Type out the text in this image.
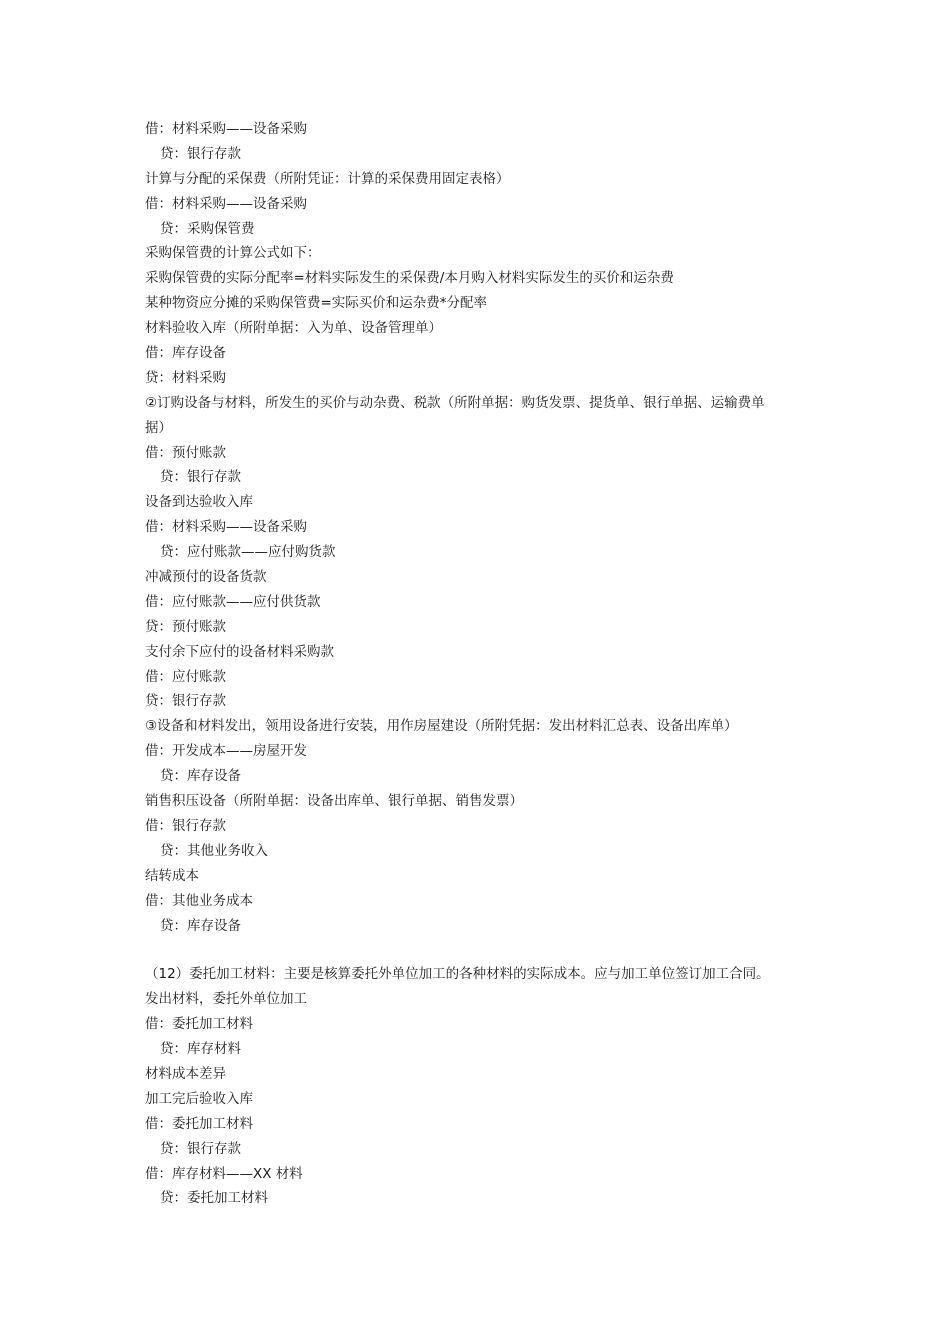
借：材料采购——设备采购
贷：银行存款
计算与分配的采保费（所附凭证：计算的采保费用固定表格）
借：材料采购——设备采购
贷：采购保管费
采购保管费的计算公式如下：
采购保管费的实际分配率=材料实际发生的采保费/本月购入材料实际发生的买价和运杂费
某种物资应分摊的采购保管费=实际买价和运杂费*分配率
材料验收入库（所附单据：入为单、设备管理单）
借：库存设备
贷：材料采购
②订购设备与材料，所发生的买价与动杂费、税款（所附单据：购货发票、提货单、银行单据、运输费单
据）
借：预付账款
贷：银行存款
设备到达验收入库
借：材料采购——设备采购
贷：应付账款——应付购货款
冲减预付的设备货款
借：应付账款——应付供货款
贷：预付账款
支付余下应付的设备材料采购款
借：应付账款
贷：银行存款
③设备和材料发出，领用设备进行安装，用作房屋建设（所附凭据：发出材料汇总表、设备出库单）
借：开发成本——房屋开发
贷：库存设备
销售积压设备（所附单据：设备出库单、银行单据、销售发票）
借：银行存款
贷：其他业务收入
结转成本
借：其他业务成本
贷：库存设备
（12）委托加工材料：主要是核算委托外单位加工的各种材料的实际成本。应与加工单位签订加工合同。
发出材料，委托外单位加工
借：委托加工材料
贷：库存材料
材料成本差异
加工完后验收入库
借：委托加工材料
贷：银行存款
借：库存材料——XX 材料
贷：委托加工材料
